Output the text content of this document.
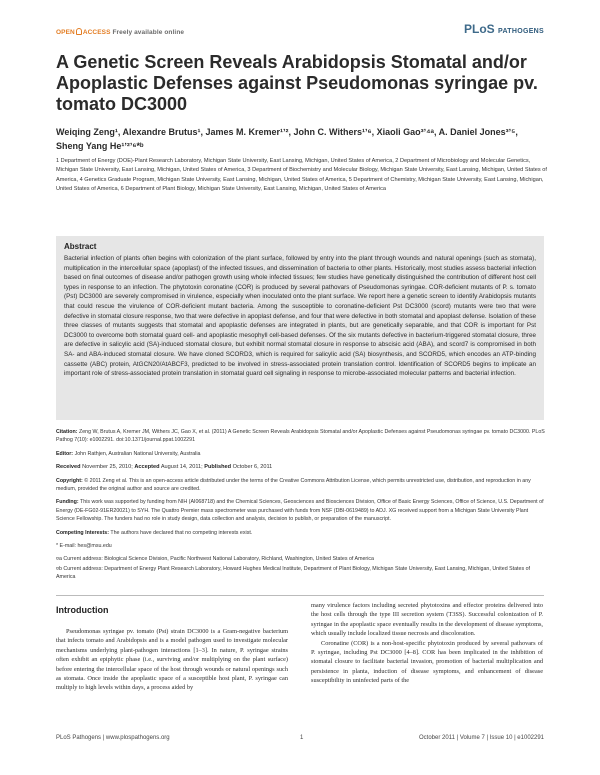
OPEN ACCESS Freely available online	PLoS PATHOGENS
A Genetic Screen Reveals Arabidopsis Stomatal and/or Apoplastic Defenses against Pseudomonas syringae pv. tomato DC3000
Weiqing Zeng¹, Alexandre Brutus¹, James M. Kremer¹ʼ², John C. Withers¹ʼ⁶, Xiaoli Gao³ʼ⁴ᵃ, A. Daniel Jones³ʼ⁵, Sheng Yang He¹ʼ²ʼ⁶*ᵇ
1 Department of Energy (DOE)-Plant Research Laboratory, Michigan State University, East Lansing, Michigan, United States of America, 2 Department of Microbiology and Molecular Genetics, Michigan State University, East Lansing, Michigan, United States of America, 3 Department of Biochemistry and Molecular Biology, Michigan State University, East Lansing, Michigan, United States of America, 4 Genetics Graduate Program, Michigan State University, East Lansing, Michigan, United States of America, 5 Department of Chemistry, Michigan State University, East Lansing, Michigan, United States of America, 6 Department of Plant Biology, Michigan State University, East Lansing, Michigan, United States of America
Abstract
Bacterial infection of plants often begins with colonization of the plant surface, followed by entry into the plant through wounds and natural openings (such as stomata), multiplication in the intercellular space (apoplast) of the infected tissues, and dissemination of bacteria to other plants. Historically, most studies assess bacterial infection based on final outcomes of disease and/or pathogen growth using whole infected tissues; few studies have genetically distinguished the contribution of different host cell types in response to an infection. The phytotoxin coronatine (COR) is produced by several pathovars of Pseudomonas syringae. COR-deficient mutants of P. s. tomato (Pst) DC3000 are severely compromised in virulence, especially when inoculated onto the plant surface. We report here a genetic screen to identify Arabidopsis mutants that could rescue the virulence of COR-deficient mutant bacteria. Among the susceptible to coronatine-deficient Pst DC3000 (scord) mutants were two that were defective in stomatal closure response, two that were defective in apoplast defense, and four that were defective in both stomatal and apoplast defense. Isolation of these three classes of mutants suggests that stomatal and apoplastic defenses are integrated in plants, but are genetically separable, and that COR is important for Pst DC3000 to overcome both stomatal guard cell- and apoplastic mesophyll cell-based defenses. Of the six mutants defective in bacterium-triggered stomatal closure, three are defective in salicylic acid (SA)-induced stomatal closure, but exhibit normal stomatal closure in response to abscisic acid (ABA), and scord7 is compromised in both SA- and ABA-induced stomatal closure. We have cloned SCORD3, which is required for salicylic acid (SA) biosynthesis, and SCORD5, which encodes an ATP-binding cassette (ABC) protein, AtGCN20/AtABCF3, predicted to be involved in stress-associated protein translation control. Identification of SCORD5 begins to implicate an important role of stress-associated protein translation in stomatal guard cell signaling in response to microbe-associated molecular patterns and bacterial infection.

Citation: Zeng W, Brutus A, Kremer JM, Withers JC, Gao X, et al. (2011) A Genetic Screen Reveals Arabidopsis Stomatal and/or Apoplastic Defenses against Pseudomonas syringae pv. tomato DC3000. PLoS Pathog 7(10): e1002291. doi:10.1371/journal.ppat.1002291

Editor: John Rathjen, Australian National University, Australia

Received November 25, 2010; Accepted August 14, 2011; Published October 6, 2011

Copyright: © 2011 Zeng et al. This is an open-access article distributed under the terms of the Creative Commons Attribution License, which permits unrestricted use, distribution, and reproduction in any medium, provided the original author and source are credited.

Funding: This work was supported by funding from NIH (AI068718) and the Chemical Sciences, Geosciences and Biosciences Division, Office of Basic Energy Sciences, Office of Science, U.S. Department of Energy (DE-FG02-91ER20021) to SYH. The Quattro Premier mass spectrometer was purchased with funds from NSF (DBI-0619489) to ADJ. XG received support from a Michigan State University Plant Science Fellowship. The funders had no role in study design, data collection and analysis, decision to publish, or preparation of the manuscript.

Competing Interests: The authors have declared that no competing interests exist.

* E-mail: hes@msu.edu

¤a Current address: Biological Science Division, Pacific Northwest National Laboratory, Richland, Washington, United States of America

¤b Current address: Department of Energy Plant Research Laboratory, Howard Hughes Medical Institute, Department of Plant Biology, Michigan State University, East Lansing, Michigan, United States of America

Introduction

Pseudomonas syringae pv. tomato (Pst) strain DC3000 is a Gram-negative bacterium that infects tomato and Arabidopsis and is a model pathogen used to investigate molecular mechanisms underlying plant-pathogen interactions [1–3]. In nature, P. syringae strains often exhibit an epiphytic phase (i.e., surviving and/or multiplying on the plant surface) before entering the intercellular space of the host through wounds or natural openings such as stomata. Once inside the apoplastic space of a susceptible host plant, P. syringae can multiply to high levels within days, a process aided by

many virulence factors including secreted phytotoxins and effector proteins delivered into the host cells through the type III secretion system (T3SS). Successful colonization of P. syringae in the apoplastic space eventually results in the development of disease symptoms, which usually include localized tissue necrosis and discoloration.

Coronatine (COR) is a non-host-specific phytotoxin produced by several pathovars of P. syringae, including Pst DC3000 [4–8]. COR has been implicated in the inhibition of stomatal closure to facilitate bacterial invasion, promotion of bacterial multiplication and persistence in planta, induction of disease symptoms, and enhancement of disease susceptibility in uninfected parts of the

PLoS Pathogens | www.plospathogens.org	1	October 2011 | Volume 7 | Issue 10 | e1002291
